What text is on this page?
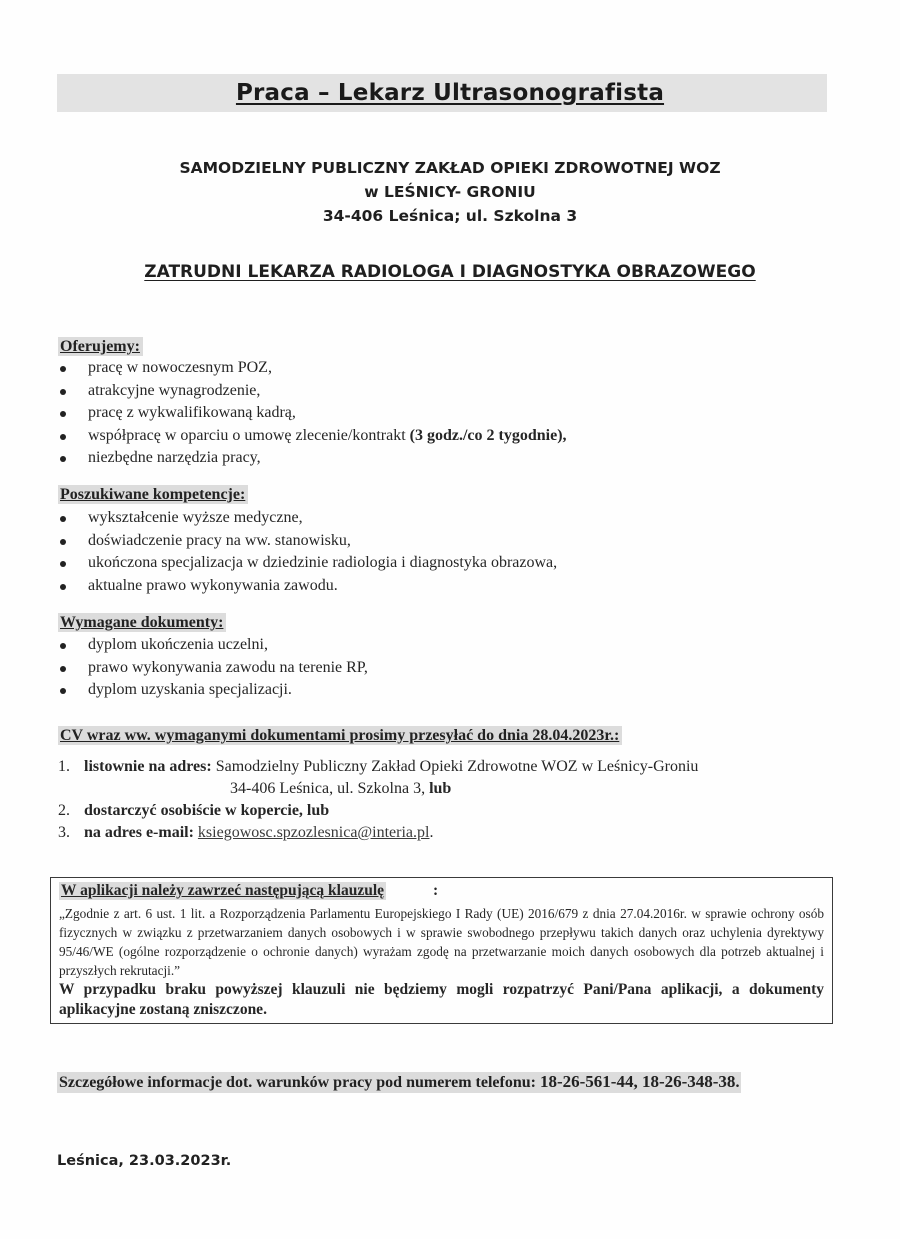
Praca – Lekarz Ultrasonografista
SAMODZIELNY PUBLICZNY ZAKŁAD OPIEKI ZDROWOTNEJ WOZ
w LEŚNICY- GRONIU
34-406 Leśnica; ul. Szkolna 3
ZATRUDNI LEKARZA RADIOLOGA I DIAGNOSTYKA OBRAZOWEGO
Oferujemy:
pracę w nowoczesnym POZ,
atrakcyjne wynagrodzenie,
pracę z wykwalifikowaną kadrą,
współpracę w oparciu o umowę zlecenie/kontrakt (3 godz./co 2 tygodnie),
niezbędne narzędzia pracy,
Poszukiwane kompetencje:
wykształcenie wyższe medyczne,
doświadczenie pracy na ww. stanowisku,
ukończona specjalizacja w dziedzinie radiologia i diagnostyka obrazowa,
aktualne prawo wykonywania zawodu.
Wymagane dokumenty:
dyplom ukończenia uczelni,
prawo wykonywania zawodu na terenie RP,
dyplom uzyskania specjalizacji.
CV wraz ww. wymaganymi dokumentami prosimy przesyłać do dnia 28.04.2023r.:
1. listownie na adres: Samodzielny Publiczny Zakład Opieki Zdrowotne WOZ w Leśnicy-Groniu
34-406 Leśnica, ul. Szkolna 3, lub
2. dostarczyć osobiście w kopercie, lub
3. na adres e-mail: ksiegowosc.spzozlesnica@interia.pl.
W aplikacji należy zawrzeć następującą klauzulę	:
„Zgodnie z art. 6 ust. 1 lit. a Rozporządzenia Parlamentu Europejskiego I Rady (UE) 2016/679 z dnia 27.04.2016r. w sprawie ochrony osób fizycznych w związku z przetwarzaniem danych osobowych i w sprawie swobodnego przepływu takich danych oraz uchylenia dyrektywy 95/46/WE (ogólne rozporządzenie o ochronie danych) wyrażam zgodę na przetwarzanie moich danych osobowych dla potrzeb aktualnej i przyszłych rekrutacji.”
W przypadku braku powyższej klauzuli nie będziemy mogli rozpatrzyć Pani/Pana aplikacji, a dokumenty aplikacyjne zostaną zniszczone.
Szczegółowe informacje dot. warunków pracy pod numerem telefonu: 18-26-561-44, 18-26-348-38.
Leśnica, 23.03.2023r.
